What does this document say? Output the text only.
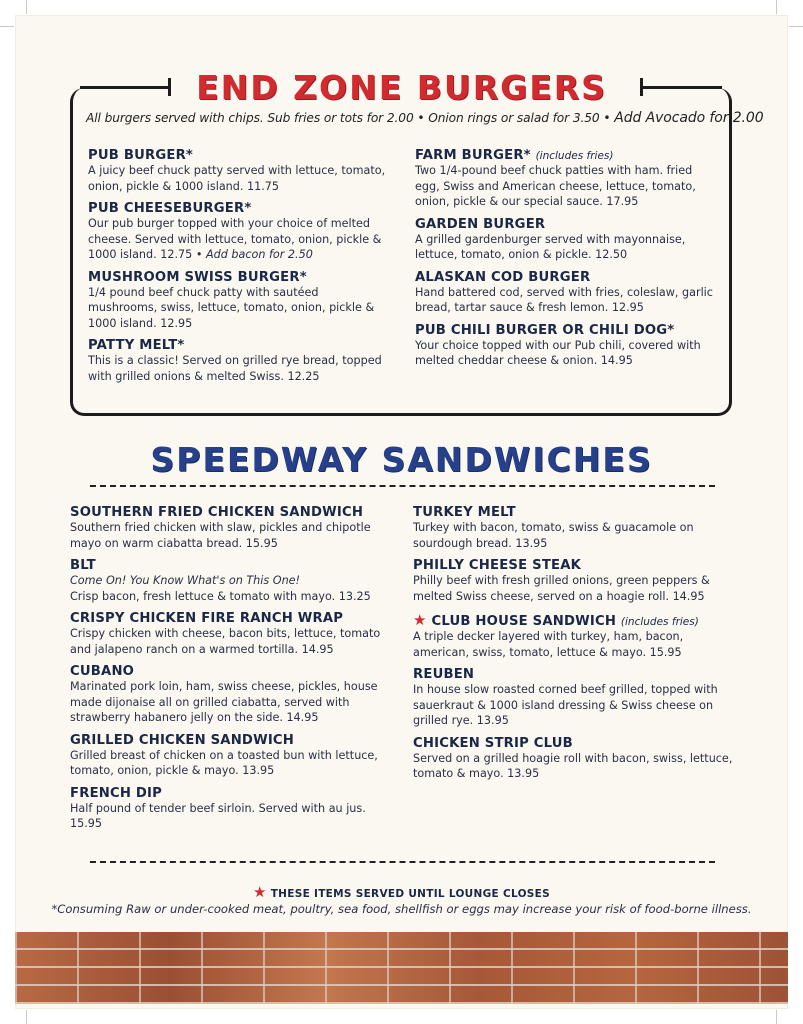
END ZONE BURGERS
All burgers served with chips. Sub fries or tots for 2.00 • Onion rings or salad for 3.50 • Add Avocado for 2.00
PUB BURGER*
A juicy beef chuck patty served with lettuce, tomato, onion, pickle & 1000 island. 11.75
PUB CHEESEBURGER*
Our pub burger topped with your choice of melted cheese. Served with lettuce, tomato, onion, pickle & 1000 island. 12.75 • Add bacon for 2.50
MUSHROOM SWISS BURGER*
1/4 pound beef chuck patty with sautéed mushrooms, swiss, lettuce, tomato, onion, pickle & 1000 island. 12.95
PATTY MELT*
This is a classic! Served on grilled rye bread, topped with grilled onions & melted Swiss. 12.25
FARM BURGER* (includes fries)
Two 1/4-pound beef chuck patties with ham. fried egg, Swiss and American cheese, lettuce, tomato, onion, pickle & our special sauce. 17.95
GARDEN BURGER
A grilled gardenburger served with mayonnaise, lettuce, tomato, onion & pickle. 12.50
ALASKAN COD BURGER
Hand battered cod, served with fries, coleslaw, garlic bread, tartar sauce & fresh lemon. 12.95
PUB CHILI BURGER OR CHILI DOG*
Your choice topped with our Pub chili, covered with melted cheddar cheese & onion. 14.95
SPEEDWAY SANDWICHES
SOUTHERN FRIED CHICKEN SANDWICH
Southern fried chicken with slaw, pickles and chipotle mayo on warm ciabatta bread. 15.95
BLT
Come On! You Know What's on This One!
Crisp bacon, fresh lettuce & tomato with mayo. 13.25
CRISPY CHICKEN FIRE RANCH WRAP
Crispy chicken with cheese, bacon bits, lettuce, tomato and jalapeno ranch on a warmed tortilla. 14.95
CUBANO
Marinated pork loin, ham, swiss cheese, pickles, house made dijonaise all on grilled ciabatta, served with strawberry habanero jelly on the side. 14.95
GRILLED CHICKEN SANDWICH
Grilled breast of chicken on a toasted bun with lettuce, tomato, onion, pickle & mayo. 13.95
FRENCH DIP
Half pound of tender beef sirloin. Served with au jus. 15.95
TURKEY MELT
Turkey with bacon, tomato, swiss & guacamole on sourdough bread. 13.95
PHILLY CHEESE STEAK
Philly beef with fresh grilled onions, green peppers & melted Swiss cheese, served on a hoagie roll. 14.95
★ CLUB HOUSE SANDWICH (includes fries)
A triple decker layered with turkey, ham, bacon, american, swiss, tomato, lettuce & mayo. 15.95
REUBEN
In house slow roasted corned beef grilled, topped with sauerkraut & 1000 island dressing & Swiss cheese on grilled rye. 13.95
CHICKEN STRIP CLUB
Served on a grilled hoagie roll with bacon, swiss, lettuce, tomato & mayo. 13.95
★ THESE ITEMS SERVED UNTIL LOUNGE CLOSES
*Consuming Raw or under-cooked meat, poultry, sea food, shellfish or eggs may increase your risk of food-borne illness.
